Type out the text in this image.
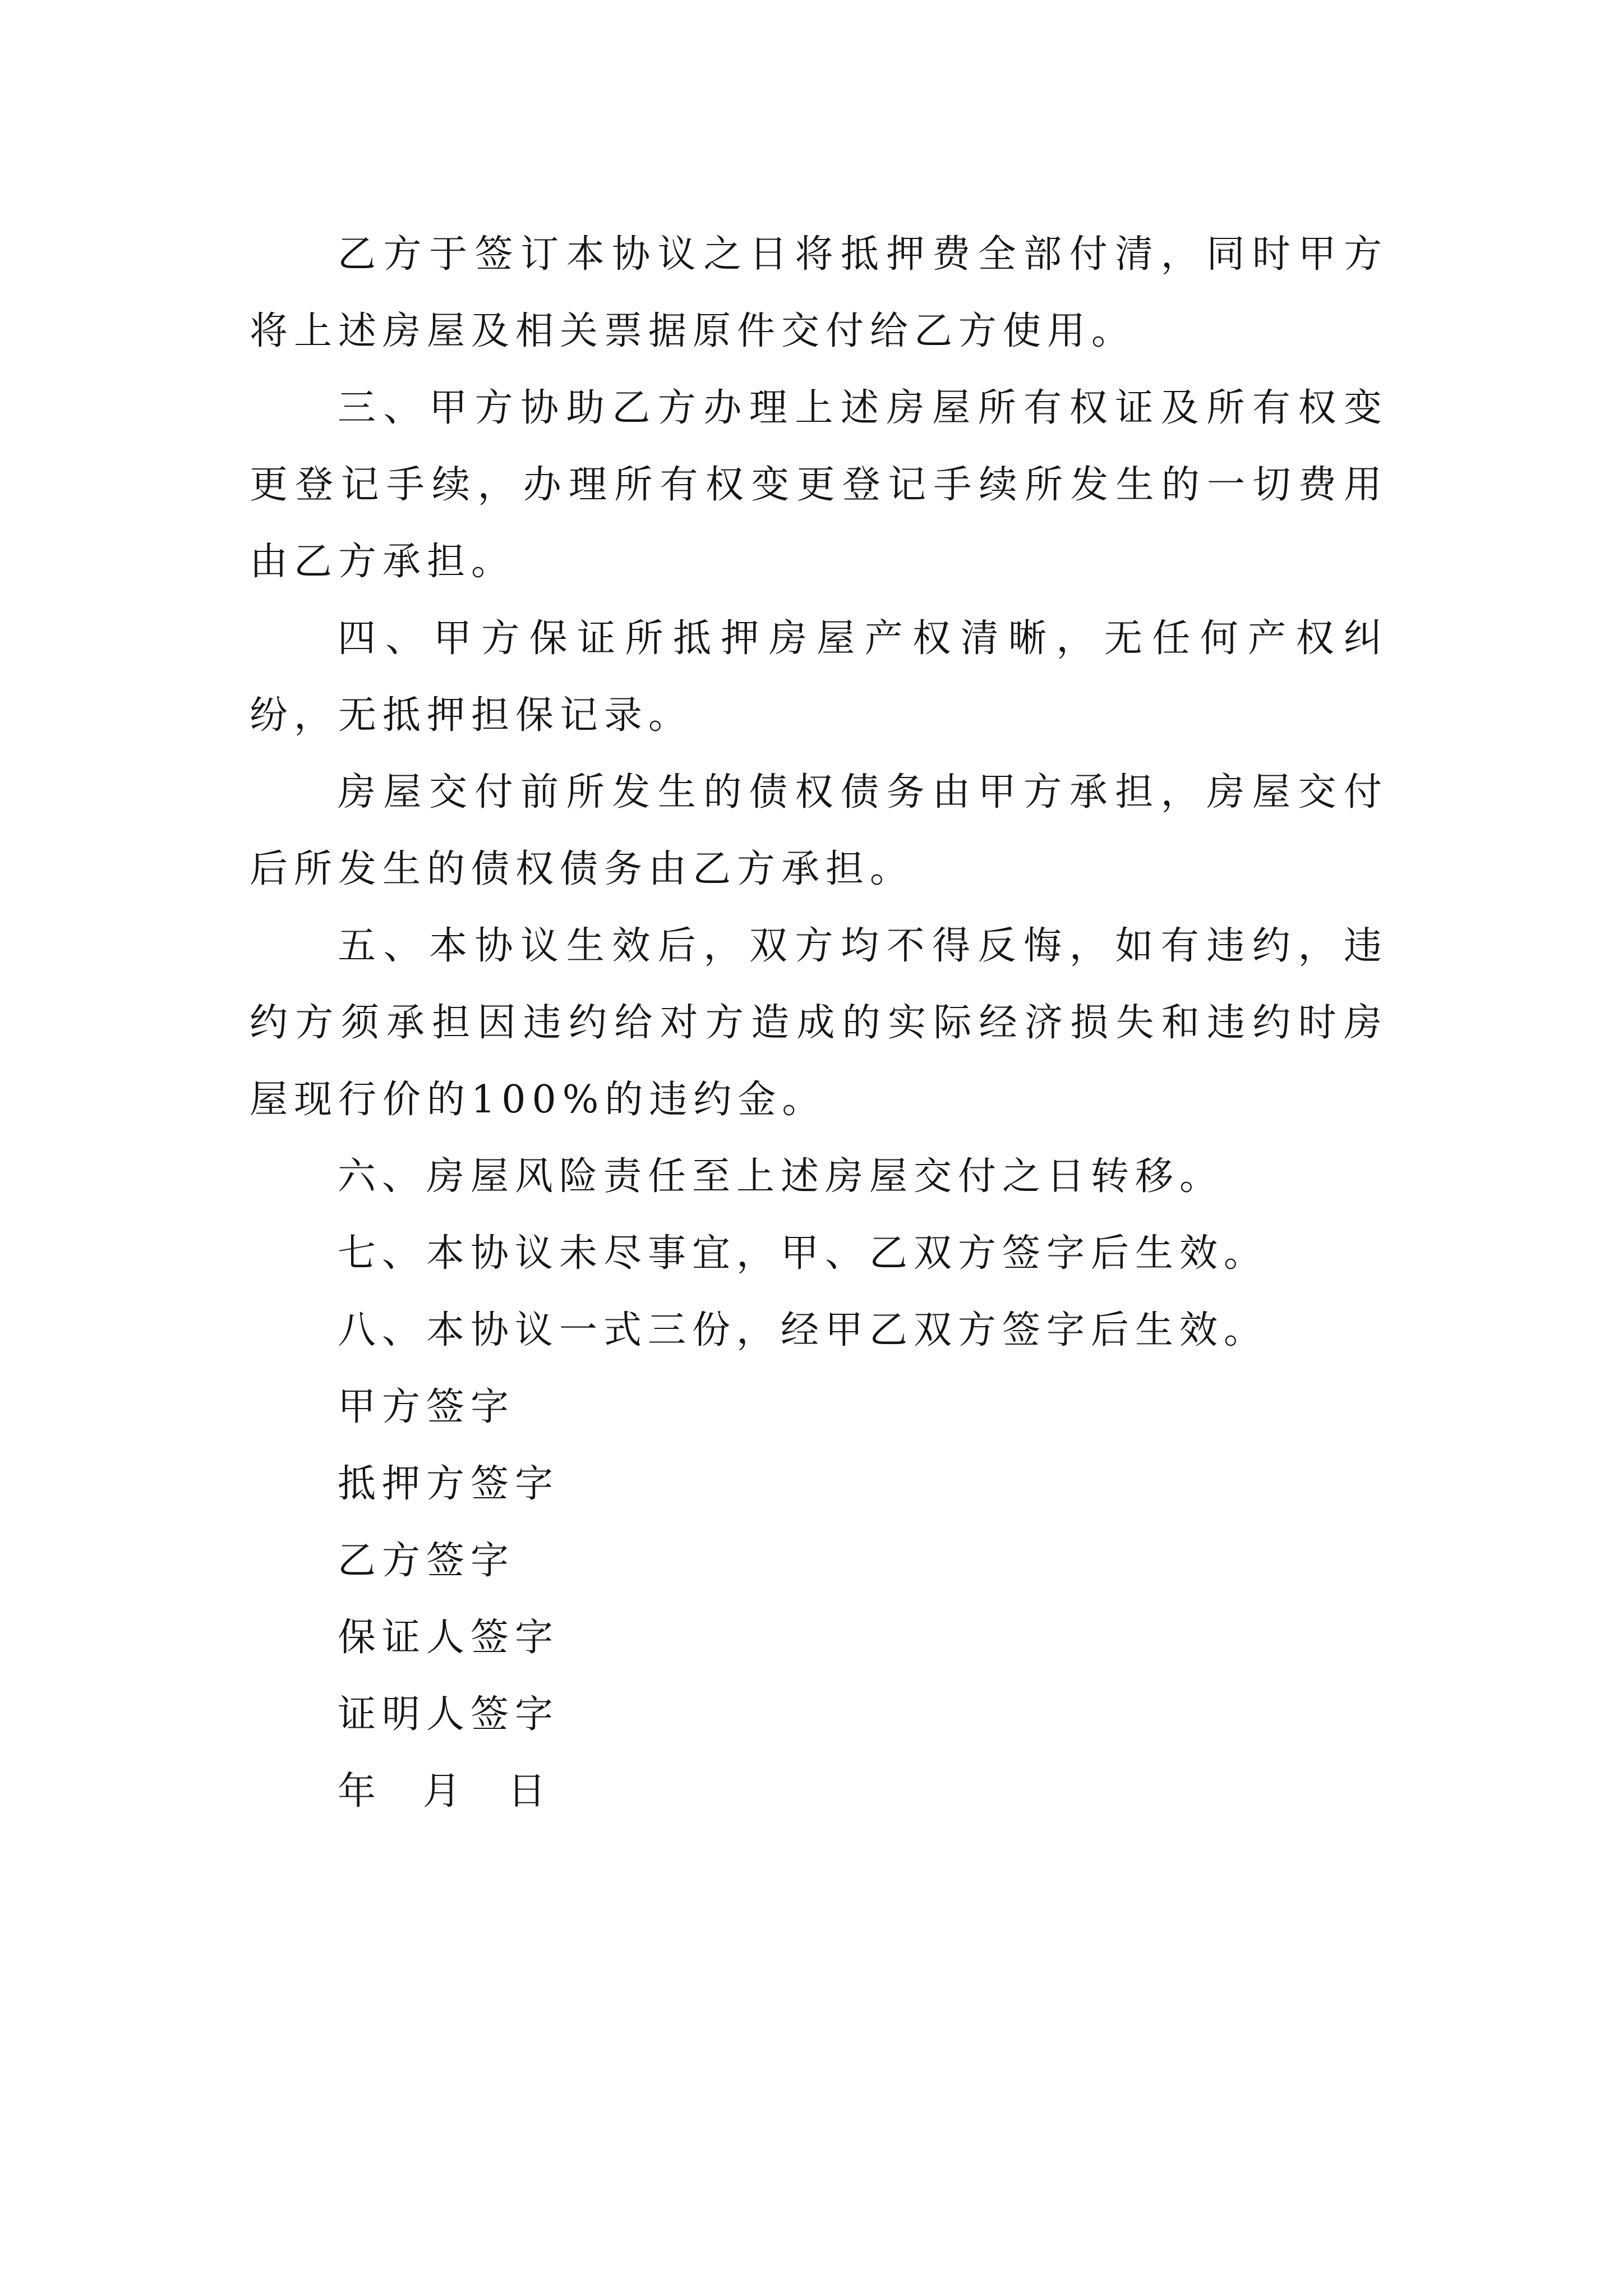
乙方于签订本协议之日将抵押费全部付清，同时甲方将上述房屋及相关票据原件交付给乙方使用。

三、甲方协助乙方办理上述房屋所有权证及所有权变更登记手续，办理所有权变更登记手续所发生的一切费用由乙方承担。

四、甲方保证所抵押房屋产权清晰，无任何产权纠纷，无抵押担保记录。

房屋交付前所发生的债权债务由甲方承担，房屋交付后所发生的债权债务由乙方承担。

五、本协议生效后，双方均不得反悔，如有违约，违约方须承担因违约给对方造成的实际经济损失和违约时房屋现行价的100%的违约金。

六、房屋风险责任至上述房屋交付之日转移。

七、本协议未尽事宜，甲、乙双方签字后生效。

八、本协议一式三份，经甲乙双方签字后生效。

甲方签字

抵押方签字

乙方签字

保证人签字

证明人签字

年 月 日
